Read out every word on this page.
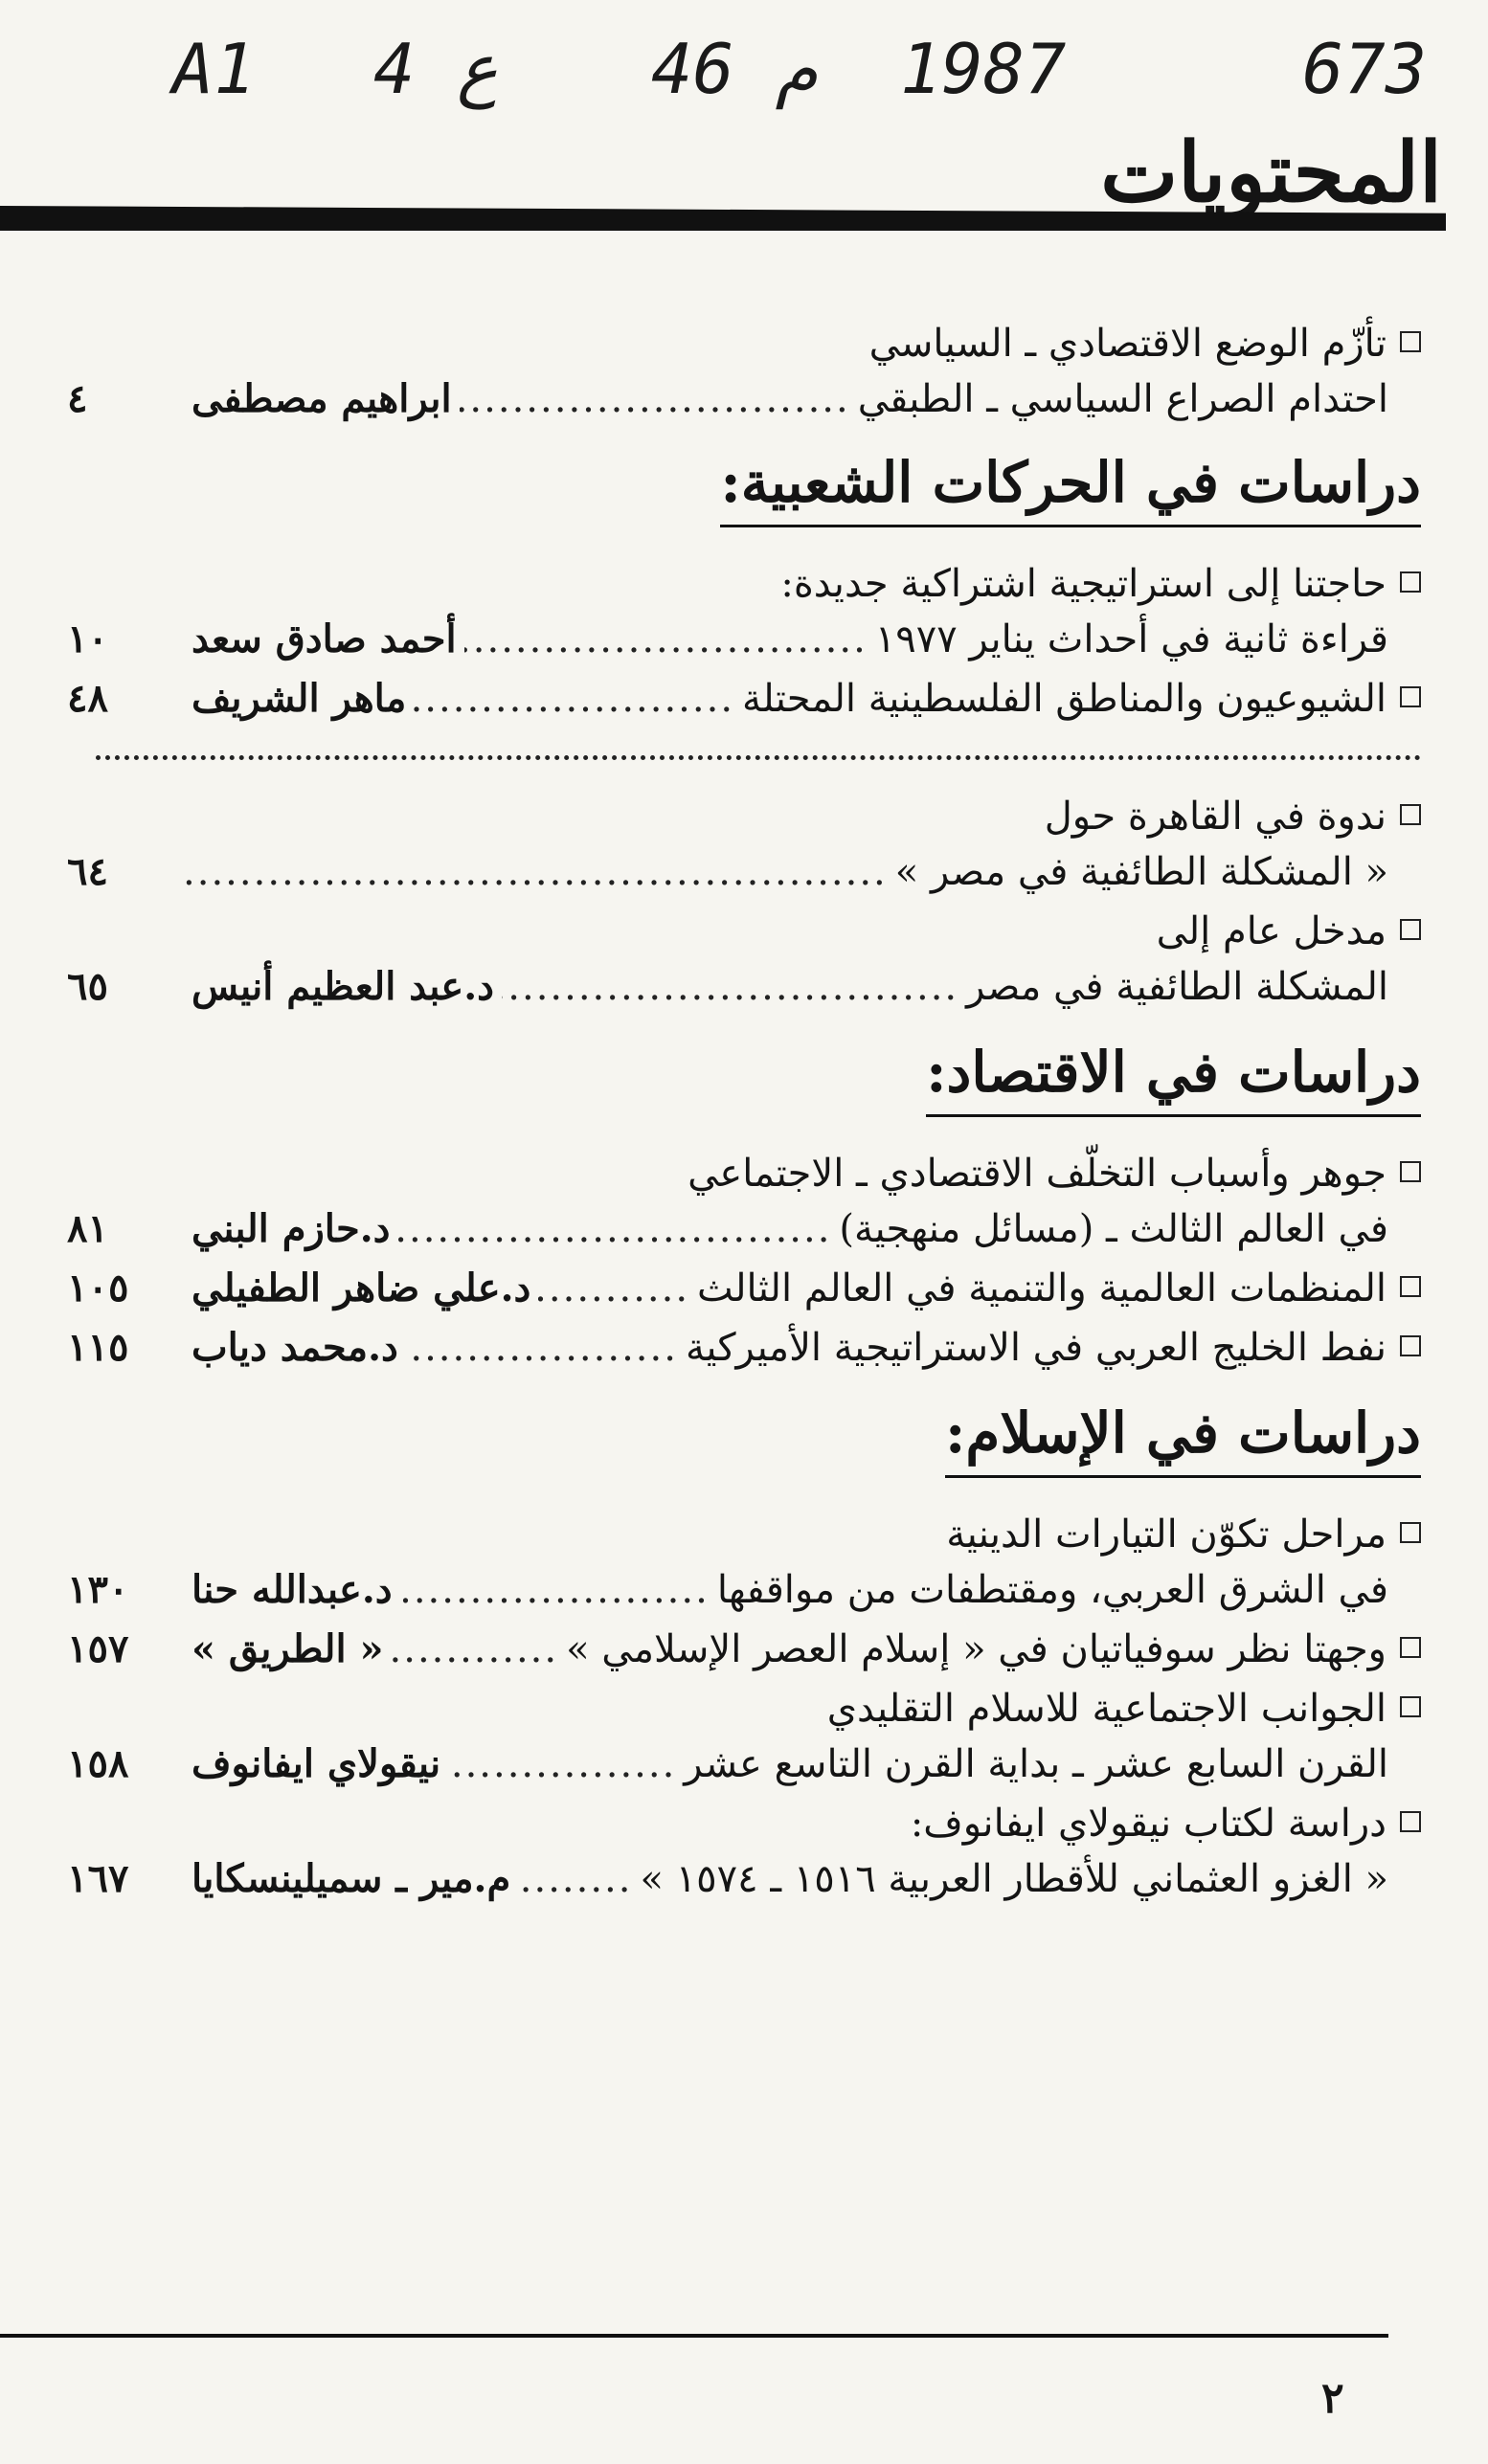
A1 4 ع 46 م 1987	673
المحتويات
تأزّم الوضع الاقتصادي ـ السياسي
احتدام الصراع السياسي ـ الطبقي
.....
ابراهيم مصطفى
٤
دراسات في الحركات الشعبية:
حاجتنا إلى استراتيجية اشتراكية جديدة:
قراءة ثانية في أحداث يناير ١٩٧٧
.....
أحمد صادق سعد
١٠
الشيوعيون والمناطق الفلسطينية المحتلة
.....
ماهر الشريف
٤٨
ندوة في القاهرة حول
« المشكلة الطائفية في مصر »
.....
٦٤
مدخل عام إلى
المشكلة الطائفية في مصر
.....
د.عبد العظيم أنيس
٦٥
دراسات في الاقتصاد:
جوهر وأسباب التخلّف الاقتصادي ـ الاجتماعي
في العالم الثالث ـ (مسائل منهجية)
.....
د.حازم البني
٨١
المنظمات العالمية والتنمية في العالم الثالث
.....
د.علي ضاهر الطفيلي
١٠٥
نفط الخليج العربي في الاستراتيجية الأميركية
.....
د.محمد دياب
١١٥
دراسات في الإسلام:
مراحل تكوّن التيارات الدينية
في الشرق العربي، ومقتطفات من مواقفها
.....
د.عبدالله حنا
١٣٠
وجهتا نظر سوفياتيان في « إسلام العصر الإسلامي »
.....
« الطريق »
١٥٧
الجوانب الاجتماعية للاسلام التقليدي
القرن السابع عشر ـ بداية القرن التاسع عشر
.....
نيقولاي ايفانوف
١٥٨
دراسة لكتاب نيقولاي ايفانوف:
« الغزو العثماني للأقطار العربية ١٥١٦ ـ ١٥٧٤ »
.....
م.مير ـ سميلينسكايا
١٦٧
٢
